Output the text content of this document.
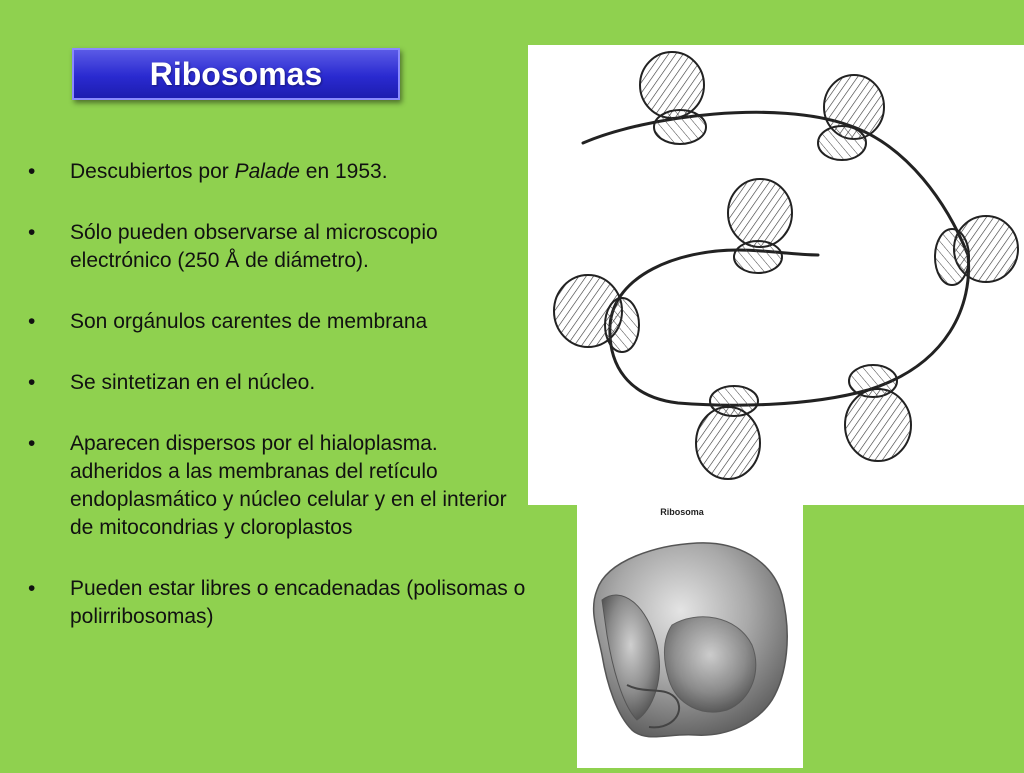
Ribosomas
• Descubiertos por Palade en 1953.
• Sólo pueden observarse al microscopio electrónico (250 Å de diámetro).
• Son orgánulos carentes de membrana
• Se sintetizan en el núcleo.
• Aparecen dispersos por el hialoplasma.
adheridos a las membranas del retículo endoplasmático y núcleo celular y en el interior de mitocondrias y cloroplastos
• Pueden estar libres o encadenadas (polisomas o polirribosomas)
Ribosoma
